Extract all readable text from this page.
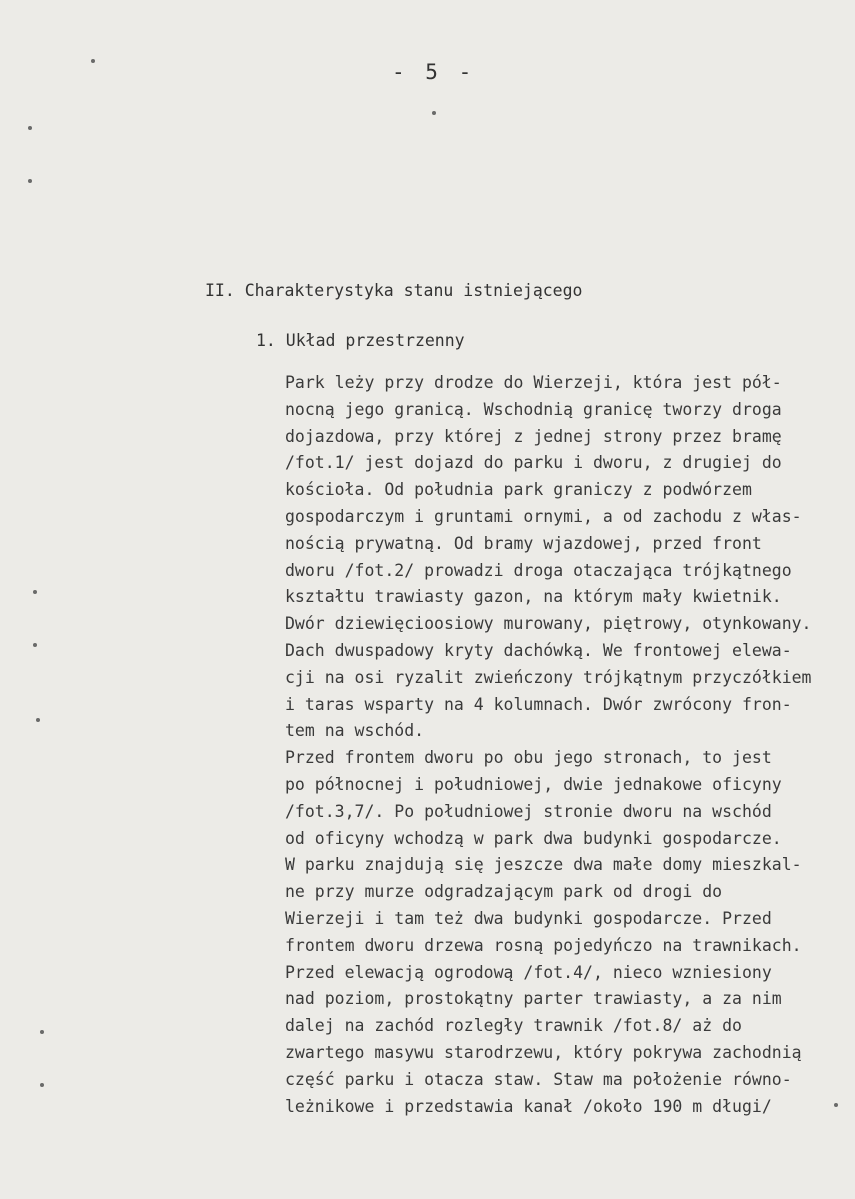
- 5 -
II. Charakterystyka stanu istniejącego
1. Układ przestrzenny
Park leży przy drodze do Wierzeji, która jest pół-
nocną jego granicą. Wschodnią granicę tworzy droga
dojazdowa, przy której z jednej strony przez bramę
/fot.1/ jest dojazd do parku i dworu, z drugiej do
kościoła. Od południa park graniczy z podwórzem
gospodarczym i gruntami ornymi, a od zachodu z włas-
nością prywatną. Od bramy wjazdowej, przed front
dworu /fot.2/ prowadzi droga otaczająca trójkątnego
kształtu trawiasty gazon, na którym mały kwietnik.
Dwór dziewięcioosiowy murowany, piętrowy, otynkowany.
Dach dwuspadowy kryty dachówką. We frontowej elewa-
cji na osi ryzalit zwieńczony trójkątnym przyczółkiem
i taras wsparty na 4 kolumnach. Dwór zwrócony fron-
tem na wschód.
Przed frontem dworu po obu jego stronach, to jest
po północnej i południowej, dwie jednakowe oficyny
/fot.3,7/. Po południowej stronie dworu na wschód
od oficyny wchodzą w park dwa budynki gospodarcze.
W parku znajdują się jeszcze dwa małe domy mieszkal-
ne przy murze odgradzającym park od drogi do
Wierzeji i tam też dwa budynki gospodarcze. Przed
frontem dworu drzewa rosną pojedyńczo na trawnikach.
Przed elewacją ogrodową /fot.4/, nieco wzniesiony
nad poziom, prostokątny parter trawiasty, a za nim
dalej na zachód rozległy trawnik /fot.8/ aż do
zwartego masywu starodrzewu, który pokrywa zachodnią
część parku i otacza staw. Staw ma położenie równo-
leżnikowe i przedstawia kanał /około 190 m długi/
